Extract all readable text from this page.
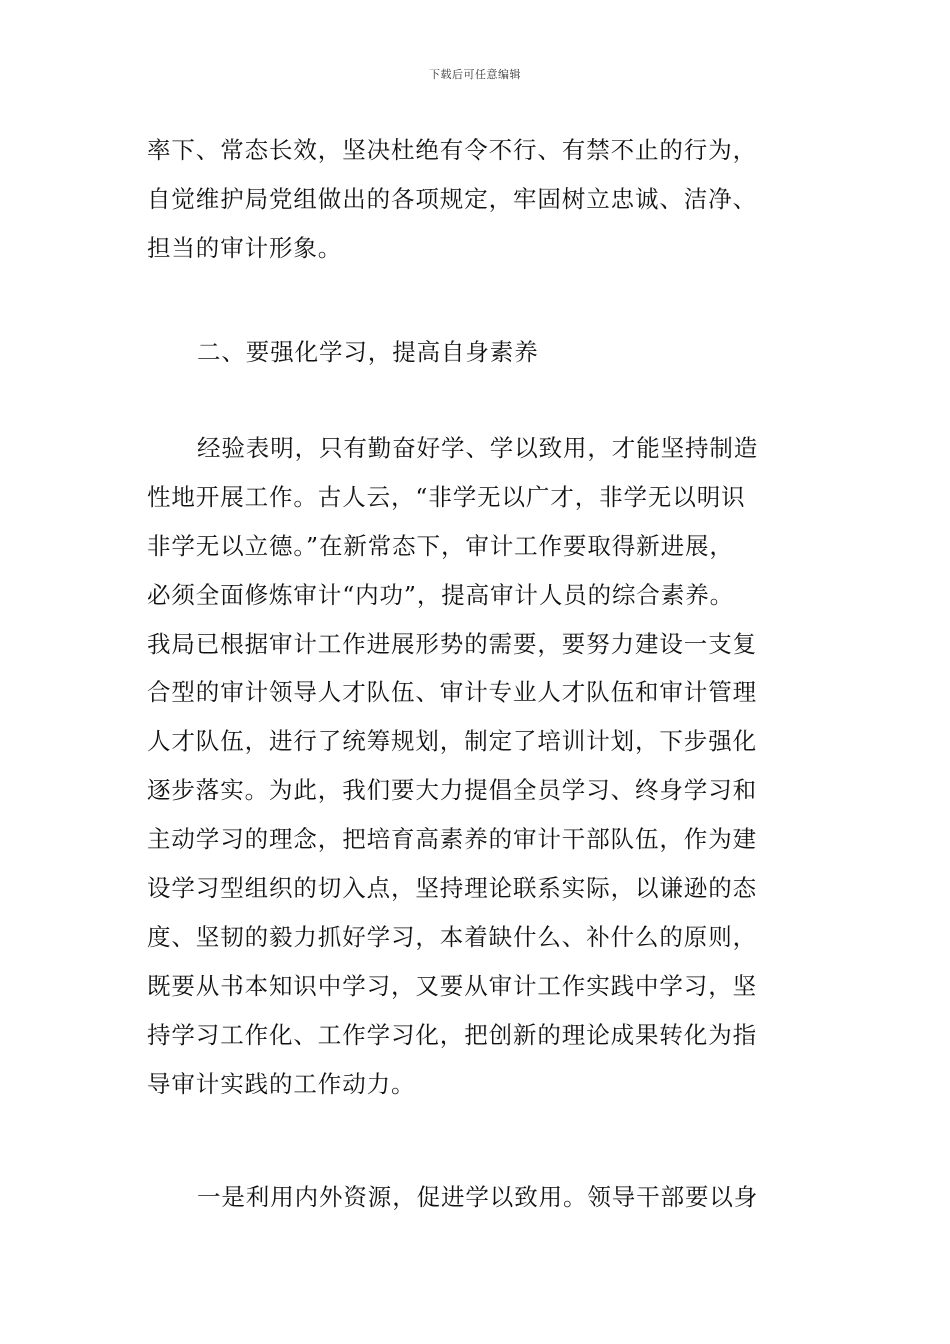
下载后可任意编辑
率下、常态长效，坚决杜绝有令不行、有禁不止的行为，
自觉维护局党组做出的各项规定，牢固树立忠诚、洁净、
担当的审计形象。
二、要强化学习，提高自身素养
经验表明，只有勤奋好学、学以致用，才能坚持制造
性地开展工作。古人云，“非学无以广才，非学无以明识
非学无以立德。”在新常态下，审计工作要取得新进展，
必须全面修炼审计“内功”，提高审计人员的综合素养。
我局已根据审计工作进展形势的需要，要努力建设一支复
合型的审计领导人才队伍、审计专业人才队伍和审计管理
人才队伍，进行了统筹规划，制定了培训计划，下步强化
逐步落实。为此，我们要大力提倡全员学习、终身学习和
主动学习的理念，把培育高素养的审计干部队伍，作为建
设学习型组织的切入点，坚持理论联系实际，以谦逊的态
度、坚韧的毅力抓好学习，本着缺什么、补什么的原则，
既要从书本知识中学习，又要从审计工作实践中学习，坚
持学习工作化、工作学习化，把创新的理论成果转化为指
导审计实践的工作动力。
一是利用内外资源，促进学以致用。领导干部要以身
